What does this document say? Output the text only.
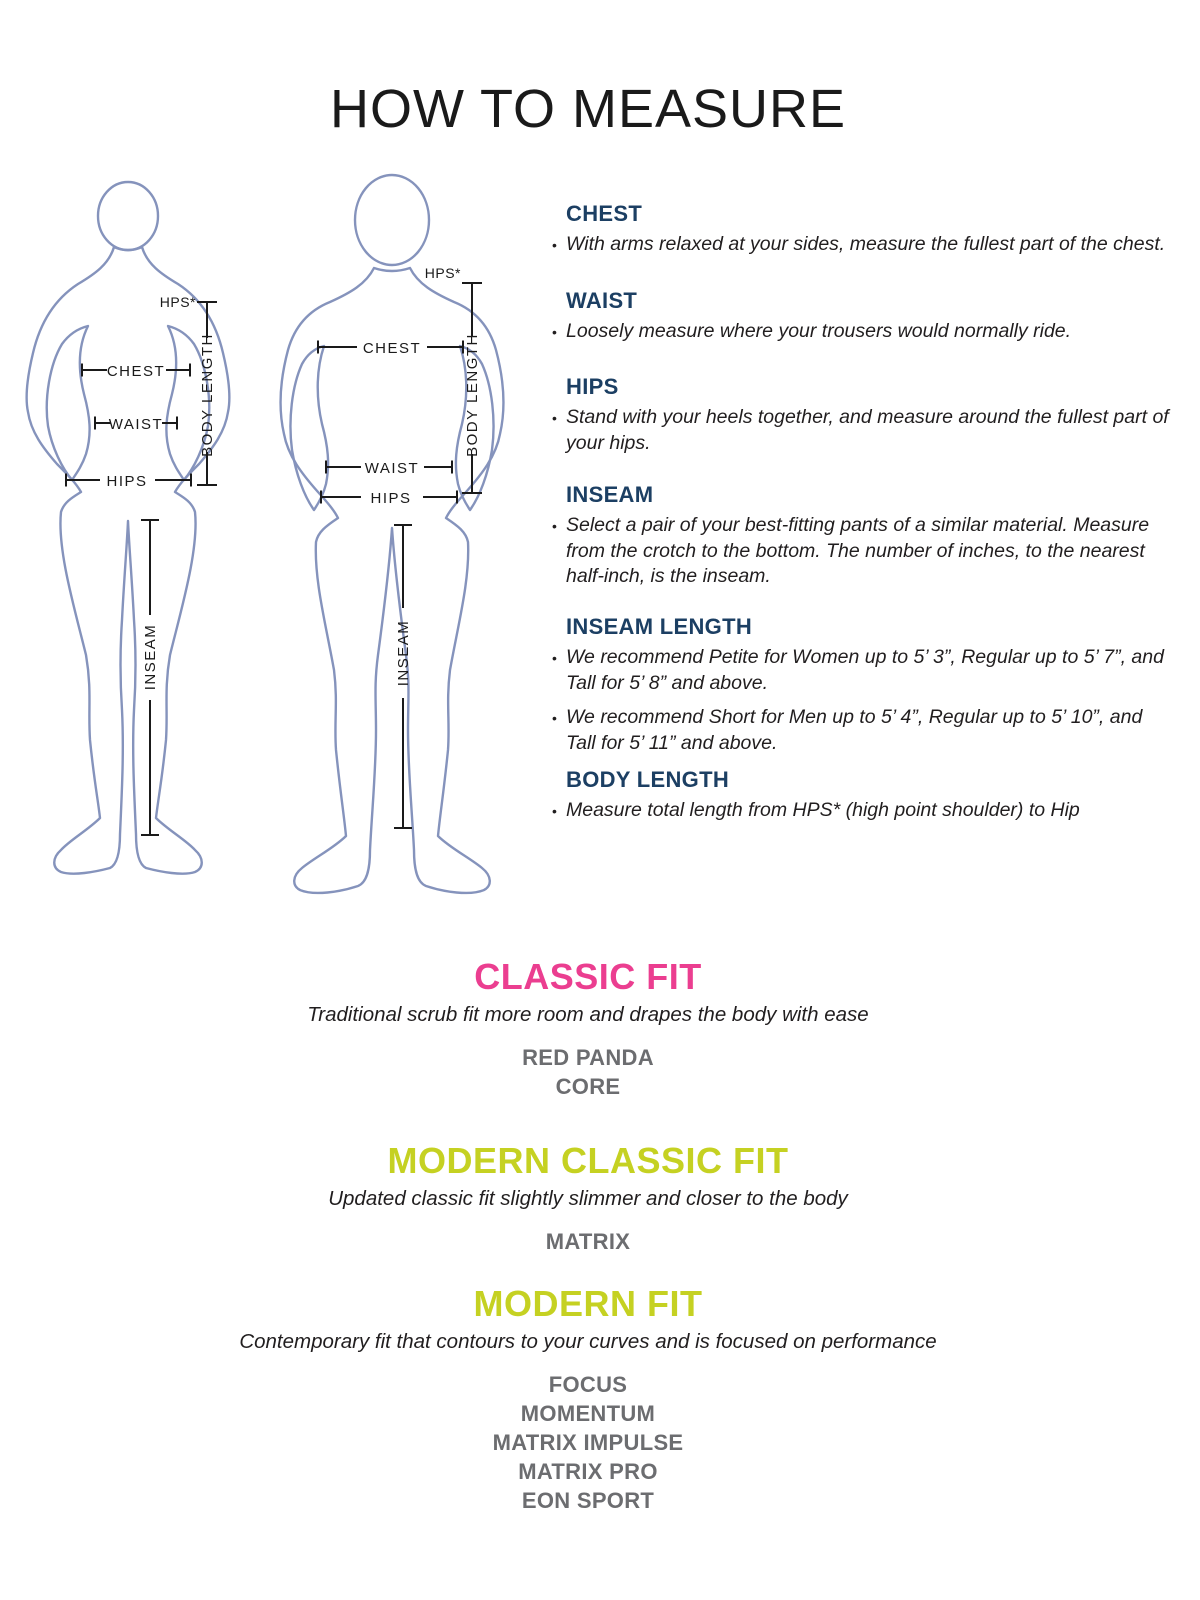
HOW TO MEASURE
CHEST
WAIST
HIPS
HPS*
BODY LENGTH
INSEAM
CHEST
WAIST
HIPS
HPS*
BODY LENGTH
INSEAM
CHEST

• With arms relaxed at your sides, measure the fullest part of the chest.

WAIST

• Loosely measure where your trousers would normally ride.

HIPS

• Stand with your heels together, and measure around the fullest part of your hips.

INSEAM

• Select a pair of your best-fitting pants of a similar material. Measure from the crotch to the bottom. The number of inches, to the nearest half-inch, is the inseam.

INSEAM LENGTH

• We recommend Petite for Women up to 5’ 3”, Regular up to 5’ 7”, and Tall for 5’ 8” and above.

• We recommend Short for Men up to 5’ 4”, Regular up to 5’ 10”, and Tall for 5’ 11” and above.

BODY LENGTH

• Measure total length from HPS* (high point shoulder) to Hip

CLASSIC FIT

Traditional scrub fit more room and drapes the body with ease

RED PANDA
CORE
MODERN CLASSIC FIT

Updated classic fit slightly slimmer and closer to the body

MATRIX
MODERN FIT

Contemporary fit that contours to your curves and is focused on performance

FOCUS
MOMENTUM
MATRIX IMPULSE
MATRIX PRO
EON SPORT
